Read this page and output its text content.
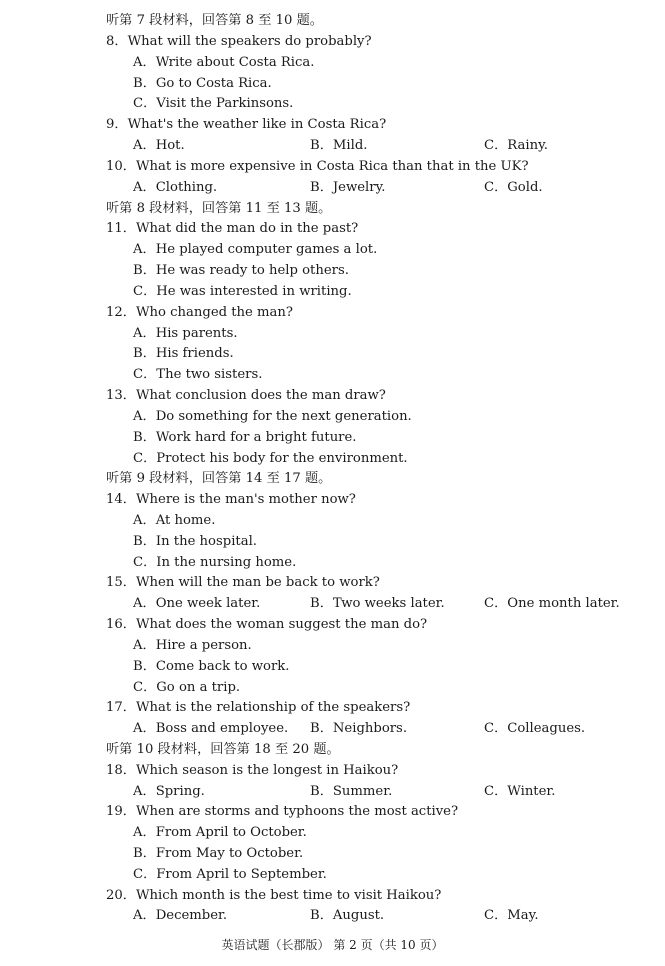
听第 7 段材料，回答第 8 至 10 题。
8．What will the speakers do probably?
A．Write about Costa Rica.
B．Go to Costa Rica.
C．Visit the Parkinsons.
9．What's the weather like in Costa Rica?
A．Hot.	B．Mild.	C．Rainy.
10．What is more expensive in Costa Rica than that in the UK?
A．Clothing.	B．Jewelry.	C．Gold.
听第 8 段材料，回答第 11 至 13 题。
11．What did the man do in the past?
A．He played computer games a lot.
B．He was ready to help others.
C．He was interested in writing.
12．Who changed the man?
A．His parents.
B．His friends.
C．The two sisters.
13．What conclusion does the man draw?
A．Do something for the next generation.
B．Work hard for a bright future.
C．Protect his body for the environment.
听第 9 段材料，回答第 14 至 17 题。
14．Where is the man's mother now?
A．At home.
B．In the hospital.
C．In the nursing home.
15．When will the man be back to work?
A．One week later.	B．Two weeks later.	C．One month later.
16．What does the woman suggest the man do?
A．Hire a person.
B．Come back to work.
C．Go on a trip.
17．What is the relationship of the speakers?
A．Boss and employee. B．Neighbors.	C．Colleagues.
听第 10 段材料，回答第 18 至 20 题。
18．Which season is the longest in Haikou?
A．Spring.	B．Summer.	C．Winter.
19．When are storms and typhoons the most active?
A．From April to October.
B．From May to October.
C．From April to September.
20．Which month is the best time to visit Haikou?
A．December.	B．August.	C．May.
英语试题（长郡版） 第 2 页（共 10 页）
